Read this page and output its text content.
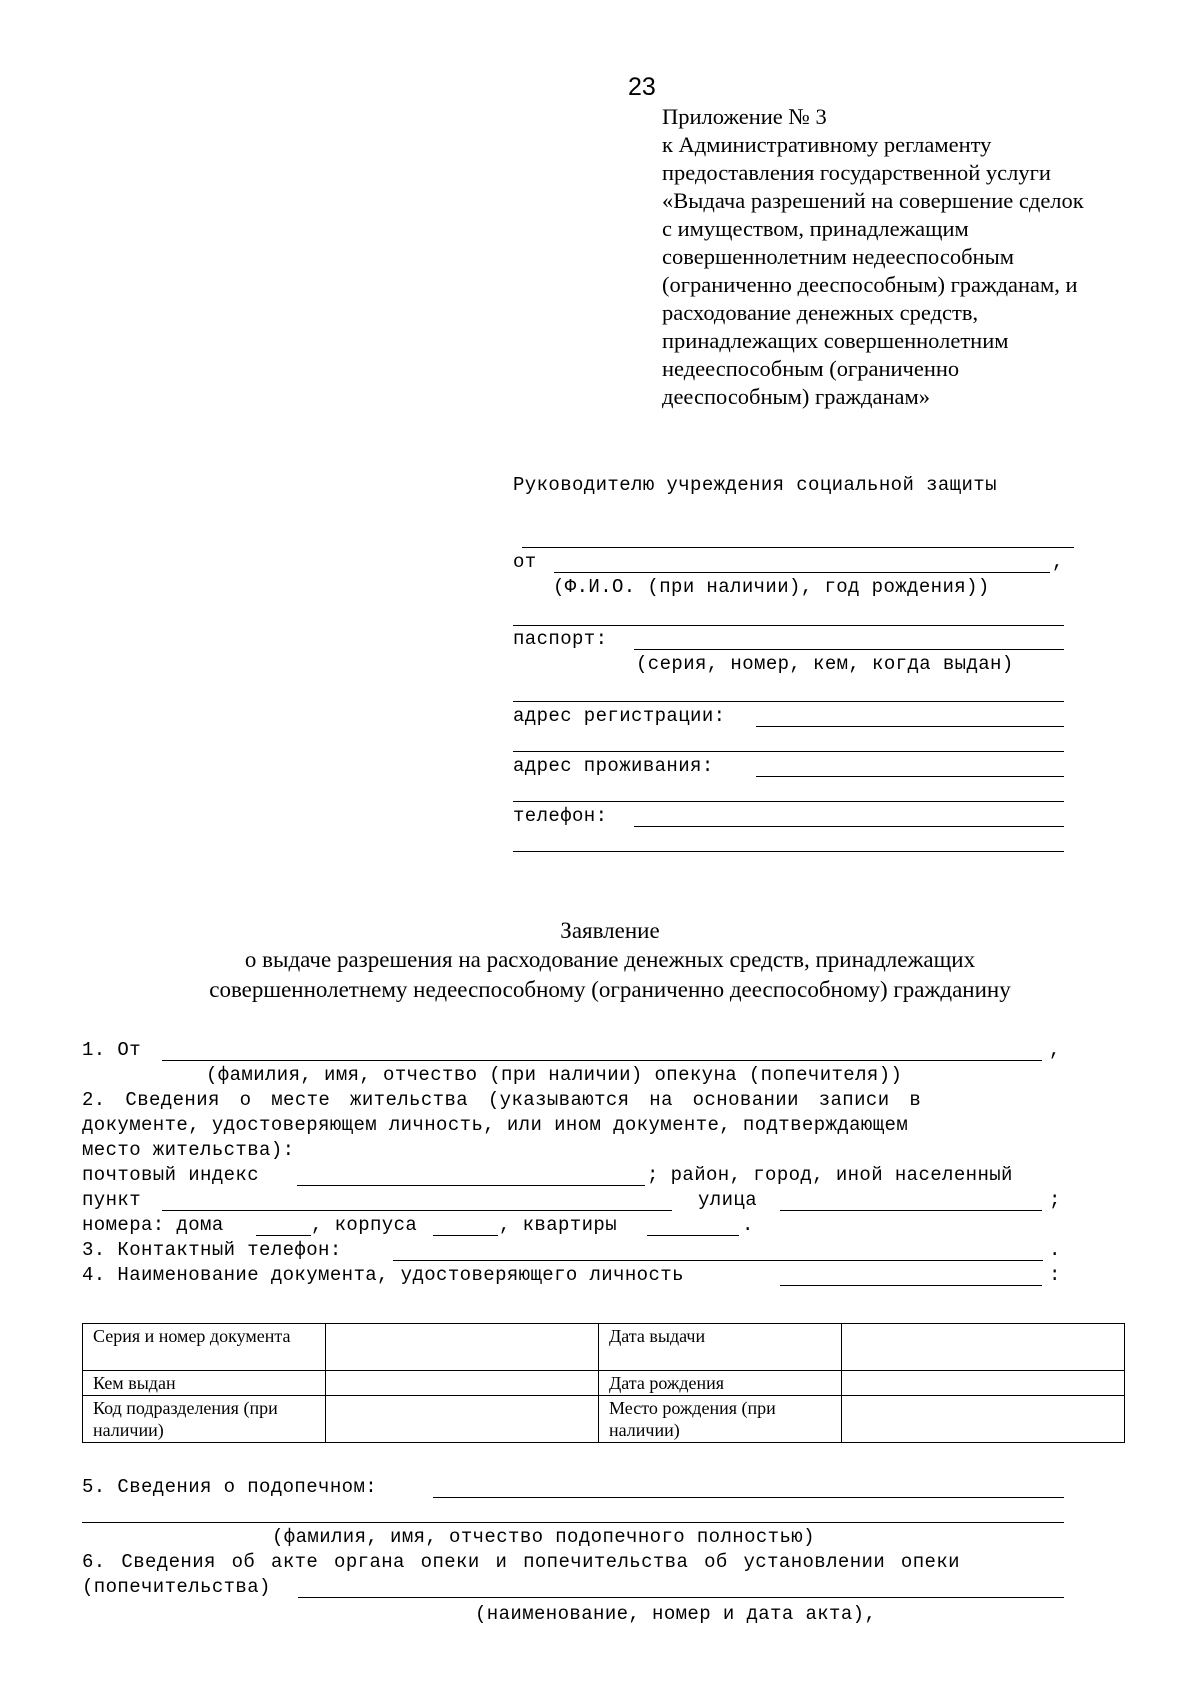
23
Приложение № 3
к Административному регламенту
предоставления государственной услуги
«Выдача разрешений на совершение сделок
с имуществом, принадлежащим
совершеннолетним недееспособным
(ограниченно дееспособным) гражданам, и
расходование денежных средств,
принадлежащих совершеннолетним
недееспособным (ограниченно
дееспособным) гражданам»
Руководителю учреждения социальной защиты
от	,
(Ф.И.О. (при наличии), год рождения))
паспорт:
(серия, номер, кем, когда выдан)
адрес регистрации:
адрес проживания:
телефон:
Заявление
о выдаче разрешения на расходование денежных средств, принадлежащих
совершеннолетнему недееспособному (ограниченно дееспособному) гражданину
1. От	,
(фамилия, имя, отчество (при наличии) опекуна (попечителя))
2. Сведения о месте жительства (указываются на основании записи в
документе, удостоверяющем личность, или ином документе, подтверждающем
место жительства):
почтовый индекс	; район, город, иной населенный
пункт	улица	;
номера: дома	, корпуса	, квартиры	.
3. Контактный телефон:	.
4. Наименование документа, удостоверяющего личность	:
Серия и номер документа		Дата выдачи	
Кем выдан		Дата рождения	
Код подразделения (при наличии)		Место рождения (при наличии)	
5. Сведения о подопечном:
(фамилия, имя, отчество подопечного полностью)
6. Сведения об акте органа опеки и попечительства об установлении опеки
(попечительства)
(наименование, номер и дата акта),
